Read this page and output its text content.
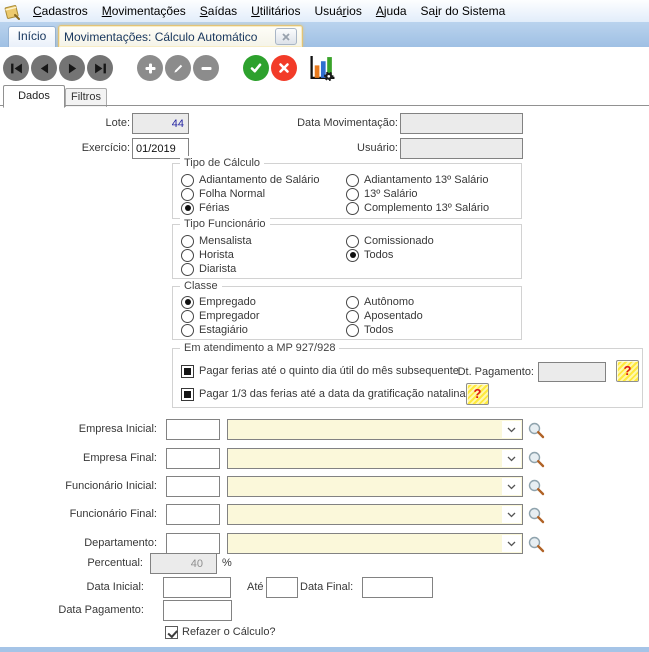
Cadastros	Movimentações	Saídas	Utilitários	Usuários	Ajuda	Sair do Sistema
Início	Movimentações: Cálculo Automático
Dados	Filtros
Lote:
44	Data Movimentação:
Exercício:
01/2019	Usuário:
Tipo de Cálculo
Adiantamento de Salário
Folha Normal
Férias
Adiantamento 13º Salário
13º Salário
Complemento 13º Salário
Tipo Funcionário
Mensalista
Horista
Diarista
Comissionado
Todos
Classe
Empregado
Empregador
Estagiário
Autônomo
Aposentado
Todos
Em atendimento a MP 927/928
Pagar ferias até o quinto dia útil do mês subsequente
Dt. Pagamento:	?
Pagar 1/3 das ferias até a data da gratificação natalina ?
Empresa Inicial:
Empresa Final:
Funcionário Inicial:
Funcionário Final:
Departamento:
Percentual:
40	%
Data Inicial:	Até	Data Final:
Data Pagamento:
Refazer o Cálculo?
